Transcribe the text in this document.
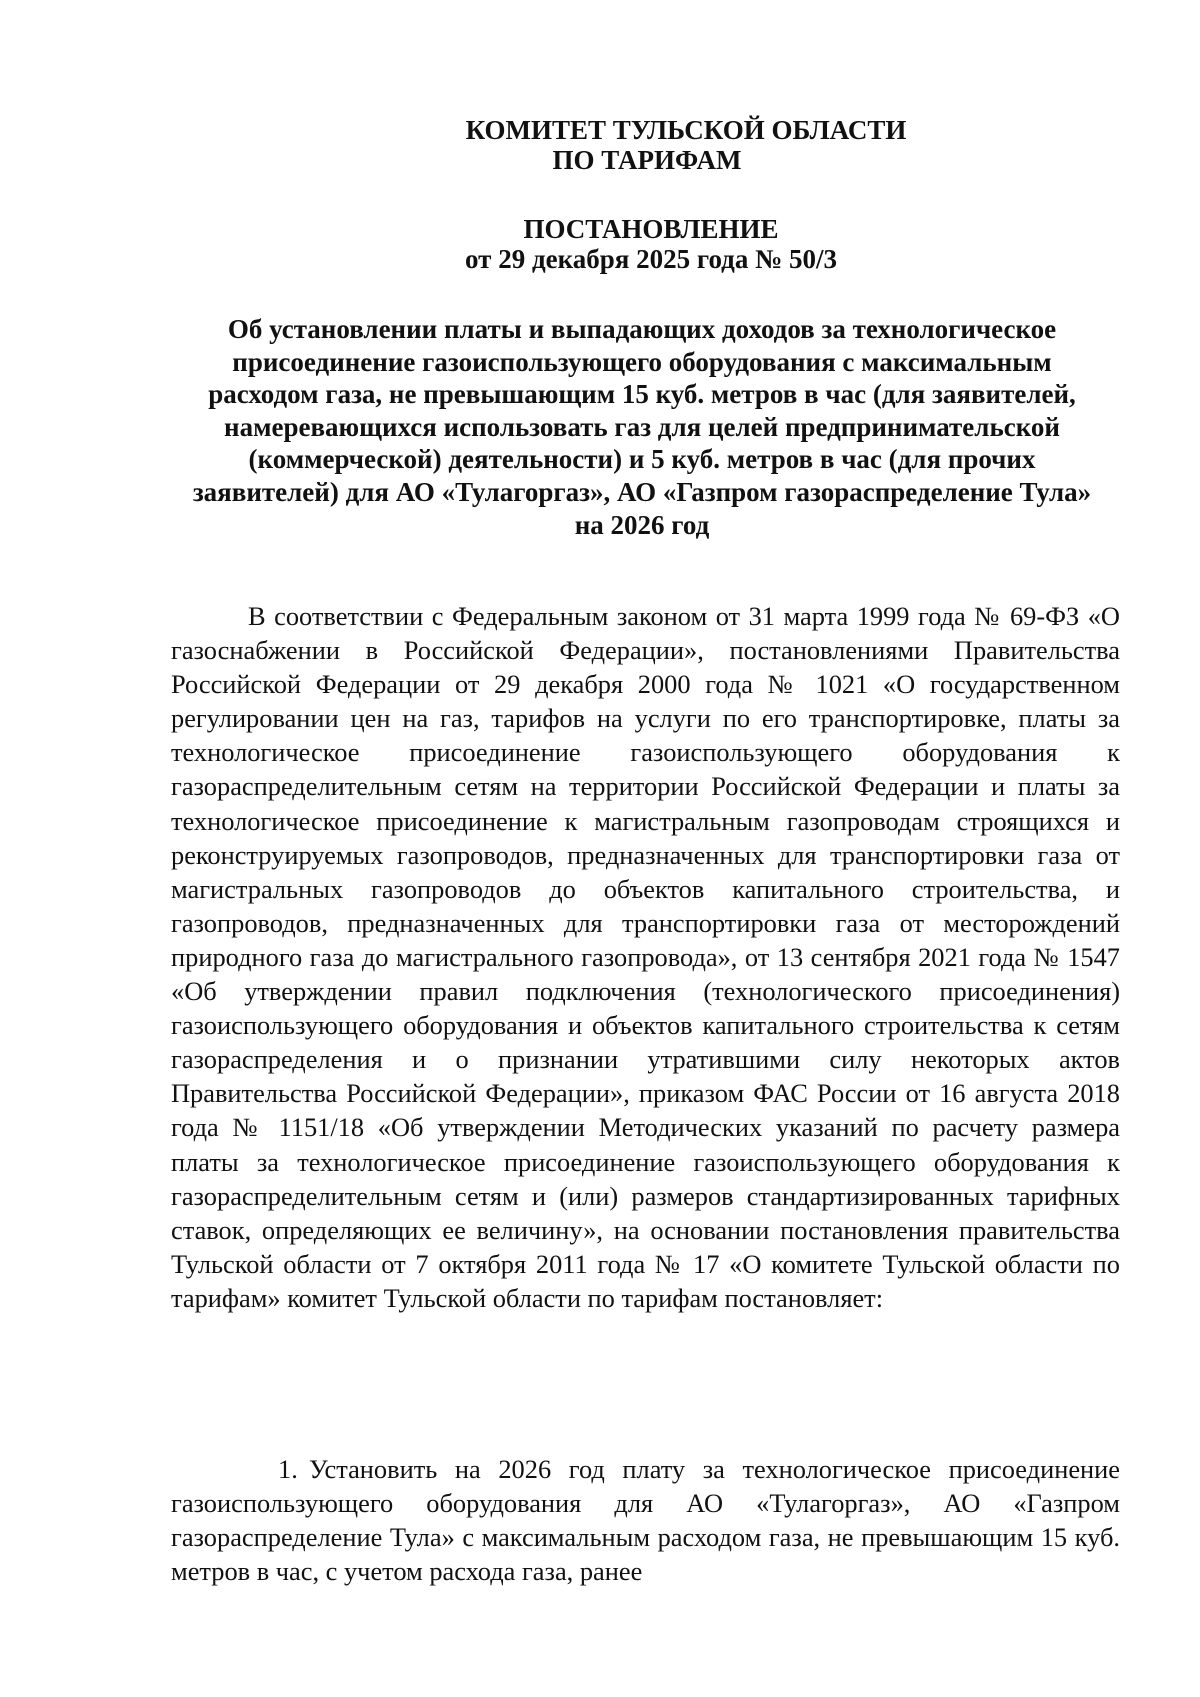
КОМИТЕТ ТУЛЬСКОЙ ОБЛАСТИ
ПО ТАРИФАМ
ПОСТАНОВЛЕНИЕ
от 29 декабря 2025 года № 50/3
Об установлении платы и выпадающих доходов за технологическое присоединение газоиспользующего оборудования с максимальным расходом газа, не превышающим 15 куб. метров в час (для заявителей, намеревающихся использовать газ для целей предпринимательской (коммерческой) деятельности) и 5 куб. метров в час (для прочих заявителей) для АО «Тулагоргаз», АО «Газпром газораспределение Тула» на 2026 год
В соответствии с Федеральным законом от 31 марта 1999 года № 69-ФЗ «О газоснабжении в Российской Федерации», постановлениями Правительства Российской Федерации от 29 декабря 2000 года № 1021 «О государственном регулировании цен на газ, тарифов на услуги по его транспортировке, платы за технологическое присоединение газоиспользующего оборудования к газораспределительным сетям на территории Российской Федерации и платы за технологическое присоединение к магистральным газопроводам строящихся и реконструируемых газопроводов, предназначенных для транспортировки газа от магистральных газопроводов до объектов капитального строительства, и газопроводов, предназначенных для транспортировки газа от месторождений природного газа до магистрального газопровода», от 13 сентября 2021 года № 1547 «Об утверждении правил подключения (технологического присоединения) газоиспользующего оборудования и объектов капитального строительства к сетям газораспределения и о признании утратившими силу некоторых актов Правительства Российской Федерации», приказом ФАС России от 16 августа 2018 года № 1151/18 «Об утверждении Методических указаний по расчету размера платы за технологическое присоединение газоиспользующего оборудования к газораспределительным сетям и (или) размеров стандартизированных тарифных ставок, определяющих ее величину», на основании постановления правительства Тульской области от 7 октября 2011 года № 17 «О комитете Тульской области по тарифам» комитет Тульской области по тарифам постановляет:
1. Установить на 2026 год плату за технологическое присоединение газоиспользующего оборудования для АО «Тулагоргаз», АО «Газпром газораспределение Тула» с максимальным расходом газа, не превышающим 15 куб. метров в час, с учетом расхода газа, ранее
